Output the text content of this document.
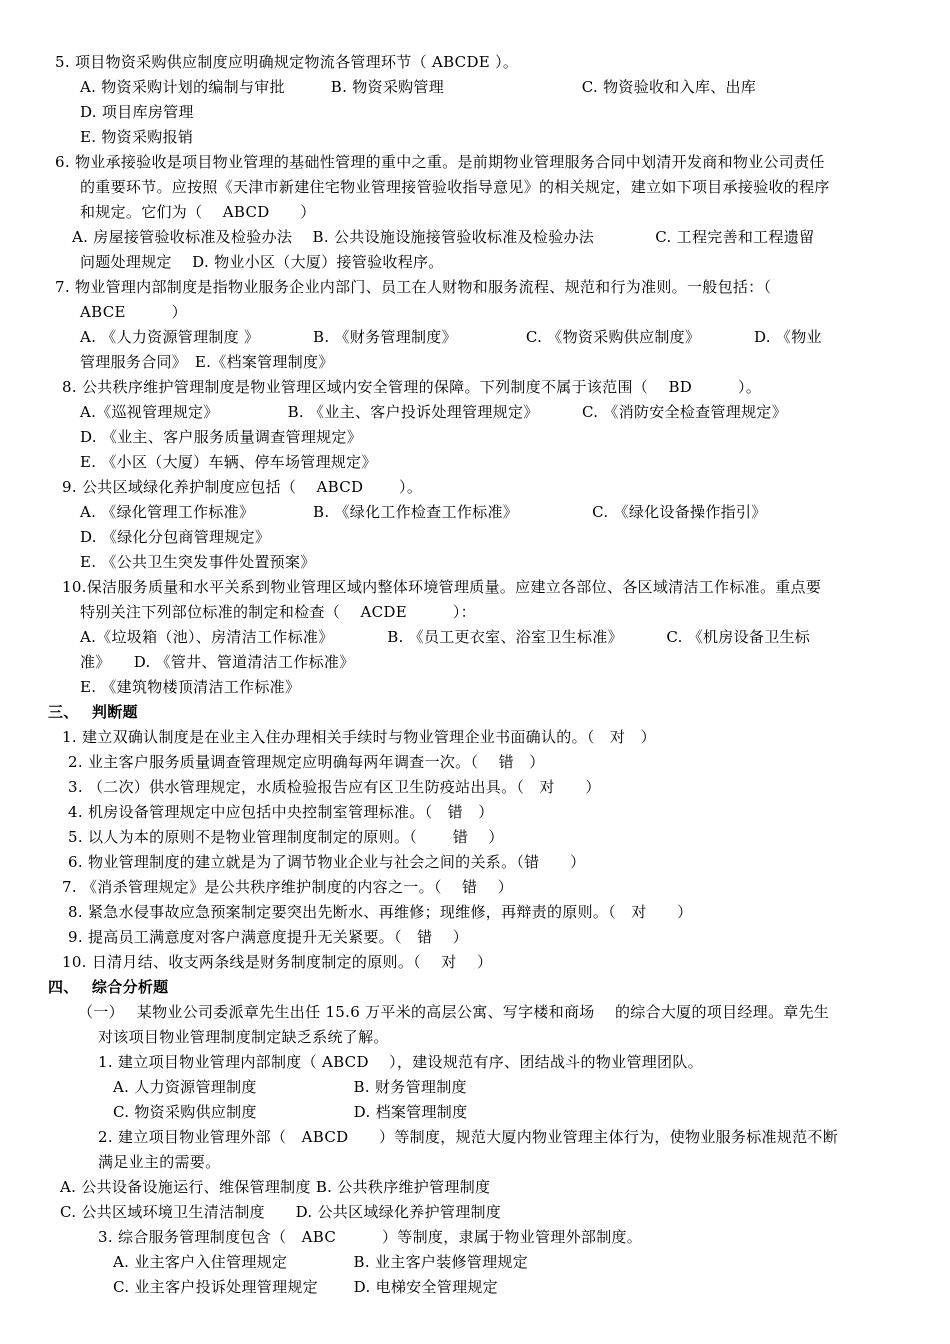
5. 项目物资采购供应制度应明确规定物流各管理环节（ ABCDE ）。
A. 物资采购计划的编制与审批　　　B. 物资采购管理　　　　　　　　　C. 物资验收和入库、出库
D. 项目库房管理
E. 物资采购报销
6. 物业承接验收是项目物业管理的基础性管理的重中之重。是前期物业管理服务合同中划清开发商和物业公司责任
的重要环节。应按照《天津市新建住宅物业管理接管验收指导意见》的相关规定，建立如下项目承接验收的程序
和规定。它们为（　 ABCD　　）
A. 房屋接管验收标准及检验办法　 B. 公共设施设施接管验收标准及检验办法　　　　C. 工程完善和工程遗留
问题处理规定　 D. 物业小区（大厦）接管验收程序。
7. 物业管理内部制度是指物业服务企业内部门、员工在人财物和服务流程、规范和行为准则。一般包括：（
ABCE　　　）
A. 《人力资源管理制度 》　　　　B. 《财务管理制度》　　　　　C. 《物资采购供应制度》　　　　D. 《物业
管理服务合同》　E.《档案管理制度》
8. 公共秩序维护管理制度是物业管理区域内安全管理的保障。下列制度不属于该范围（　 BD　　　）。
A.《巡视管理规定》　　　　　B. 《业主、客户投诉处理管理规定》　　　 C. 《消防安全检查管理规定》
D. 《业主、客户服务质量调查管理规定》
E. 《小区（大厦）车辆、停车场管理规定》
9. 公共区域绿化养护制度应包括（　 ABCD　　 ）。
A. 《绿化管理工作标准》　　　　 B. 《绿化工作检查工作标准》　　　　　 C. 《绿化设备操作指引》
D. 《绿化分包商管理规定》
E. 《公共卫生突发事件处置预案》
10.保洁服务质量和水平关系到物业管理区域内整体环境管理质量。应建立各部位、各区域清洁工作标准。重点要
特别关注下列部位标准的制定和检查（　 ACDE　　　）：
A.《垃圾箱（池）、房清洁工作标准》　　　　B. 《员工更衣室、浴室卫生标准》　　　 C. 《机房设备卫生标
准》　　D. 《管井、管道清洁工作标准》
E. 《建筑物楼顶清洁工作标准》
三、　 判断题
1. 建立双确认制度是在业主入住办理相关手续时与物业管理企业书面确认的。（　对　）
2. 业主客户服务质量调查管理规定应明确每两年调查一次。（　 错　）
3. （二次）供水管理规定，水质检验报告应有区卫生防疫站出具。（　对　　）
4. 机房设备管理规定中应包括中央控制室管理标准。（　错　）
5. 以人为本的原则不是物业管理制度制定的原则。（　　 错　 ）
6. 物业管理制度的建立就是为了调节物业企业与社会之间的关系。（错　　）
7. 《消杀管理规定》是公共秩序维护制度的内容之一。（　 错　 ）
8. 紧急水侵事故应急预案制定要突出先断水、再维修；现维修，再辩责的原则。（　对　　）
9. 提高员工满意度对客户满意度提升无关紧要。（　错　 ）
10. 日清月结、收支两条线是财务制度制定的原则。（　 对　 ）
四、　 综合分析题
（一）　 某物业公司委派章先生出任 15.6 万平米的高层公寓、写字楼和商场　 的综合大厦的项目经理。章先生
对该项目物业管理制度制定缺乏系统了解。
1. 建立项目物业管理内部制度（ ABCD　 ），建设规范有序、团结战斗的物业管理团队。
A. 人力资源管理制度　　　　　　 B. 财务管理制度
C. 物资采购供应制度　　　　　　 D. 档案管理制度
2. 建立项目物业管理外部（　ABCD　　）等制度，规范大厦内物业管理主体行为，使物业服务标准规范不断
满足业主的需要。
A. 公共设备设施运行、维保管理制度 B. 公共秩序维护管理制度
C. 公共区域环境卫生清洁制度　　D. 公共区域绿化养护管理制度
3. 综合服务管理制度包含（　ABC　　　）等制度，隶属于物业管理外部制度。
A. 业主客户入住管理规定　　　　 B. 业主客户装修管理规定
C. 业主客户投诉处理管理规定　　 D. 电梯安全管理规定
